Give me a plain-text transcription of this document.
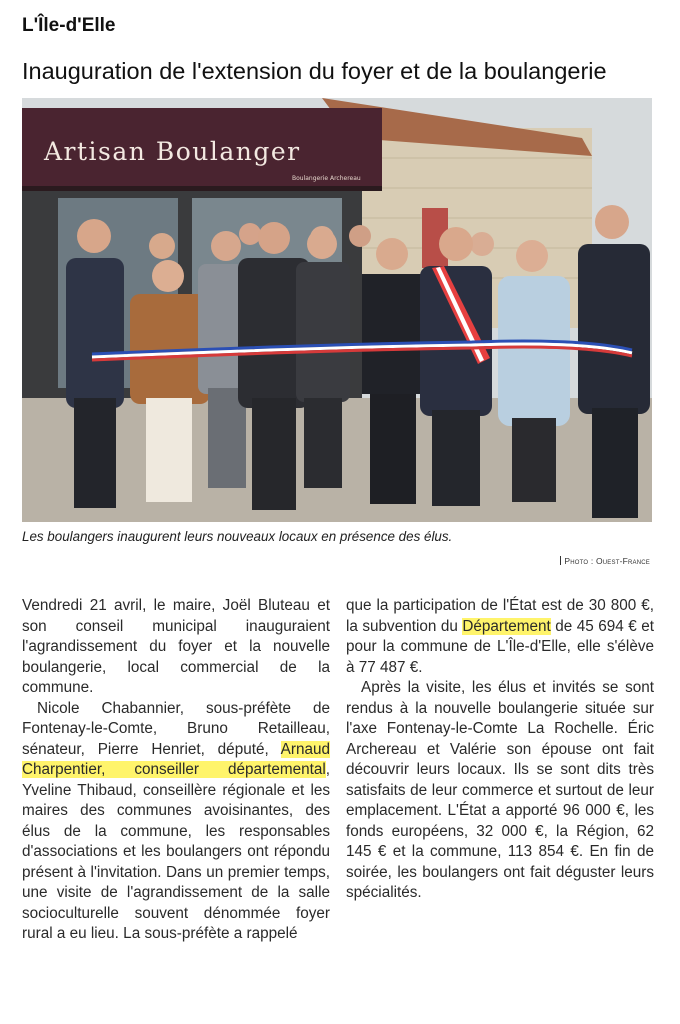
L'Île-d'Elle
Inauguration de l'extension du foyer et de la boulangerie
Artisan Boulanger
Boulangerie Archereau

Les boulangers inaugurent leurs nouveaux locaux en présence des élus.

Photo : Ouest-France

Vendredi 21 avril, le maire, Joël Bluteau et son conseil municipal inauguraient l'agrandissement du foyer et la nouvelle boulangerie, local commercial de la commune.

Nicole Chabannier, sous-préfète de Fontenay-le-Comte, Bruno Retailleau, sénateur, Pierre Henriet, député, Arnaud Charpentier, conseiller départemental, Yveline Thibaud, conseillère régionale et les maires des communes avoisinantes, des élus de la commune, les responsables d'associations et les boulangers ont répondu présent à l'invitation. Dans un premier temps, une visite de l'agrandissement de la salle socioculturelle souvent dénommée foyer rural a eu lieu. La sous-préfète a rappelé

que la participation de l'État est de 30 800 €, la subvention du Département de 45 694 € et pour la commune de L'Île-d'Elle, elle s'élève à 77 487 €.

Après la visite, les élus et invités se sont rendus à la nouvelle boulangerie située sur l'axe Fontenay-le-Comte La Rochelle. Éric Archereau et Valérie son épouse ont fait découvrir leurs locaux. Ils se sont dits très satisfaits de leur commerce et surtout de leur emplacement. L'État a apporté 96 000 €, les fonds européens, 32 000 €, la Région, 62 145 € et la commune, 113 854 €. En fin de soirée, les boulangers ont fait déguster leurs spécialités.
